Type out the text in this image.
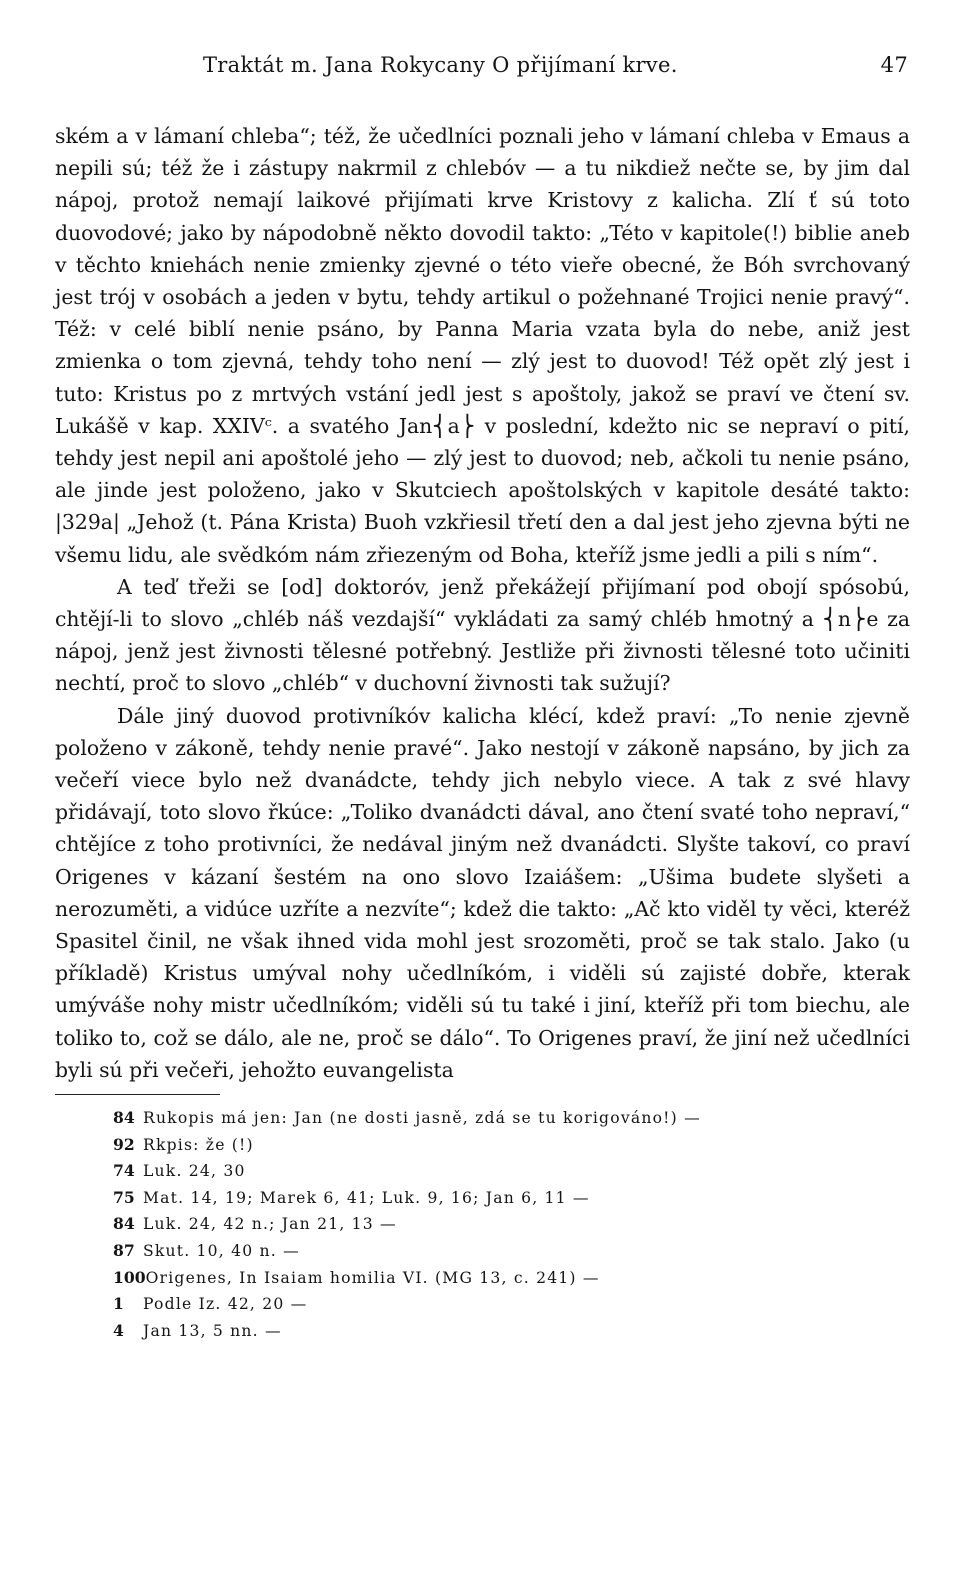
Traktát m. Jana Rokycany O přijímaní krve.	47

ském a v lámaní chleba“; též, že učedlníci poznali jeho v lámaní chleba v Emaus a nepili sú; též že i zástupy nakrmil z chlebóv — a tu nikdiež nečte se, by jim dal nápoj, protož nemají laikové přijímati krve Kristovy z kalicha. Zlí ť sú toto duovodové; jako by nápodobně někto dovodil takto: „Této v kapitole(!) biblie aneb v těchto kniehách nenie zmienky zjevné o této vieře obecné, že Bóh svrchovaný jest trój v osobách a jeden v bytu, tehdy artikul o požehnané Trojici nenie pravý“. Též: v celé biblí nenie psáno, by Panna Maria vzata byla do nebe, aniž jest zmienka o tom zjevná, tehdy toho není — zlý jest to duovod! Též opět zlý jest i tuto: Kristus po z mrtvých vstání jedl jest s apoštoly, jakož se praví ve čtení sv. Lukášě v kap. XXIVᶜ. a svatého Jan⎨a⎬ v poslední, kdežto nic se nepraví o pití, tehdy jest nepil ani apoštolé jeho — zlý jest to duovod; neb, ačkoli tu nenie psáno, ale jinde jest položeno, jako v Skutciech apoštolských v kapitole desáté takto: |329a| „Jehož (t. Pána Krista) Buoh vzkřiesil třetí den a dal jest jeho zjevna býti ne všemu lidu, ale svědkóm nám zřiezeným od Boha, kteříž jsme jedli a pili s ním“.

A teď třeži se [od] doktoróv, jenž překážejí přijímaní pod obojí spósobú, chtějí-li to slovo „chléb náš vezdajší“ vykládati za samý chléb hmotný a ⎨n⎬e za nápoj, jenž jest živnosti tělesné potřebný. Jestliže při živnosti tělesné toto učiniti nechtí, proč to slovo „chléb“ v duchovní živnosti tak sužují?

Dále jiný duovod protivníkóv kalicha klécí, kdež praví: „To nenie zjevně položeno v zákoně, tehdy nenie pravé“. Jako nestojí v zákoně napsáno, by jich za večeří viece bylo než dvanádcte, tehdy jich nebylo viece. A tak z své hlavy přidávají, toto slovo řkúce: „Toliko dvanádcti dával, ano čtení svaté toho nepraví,“ chtějíce z toho protivníci, že nedával jiným než dvanádcti. Slyšte takoví, co praví Origenes v kázaní šestém na ono slovo Izaiášem: „Ušima budete slyšeti a nerozuměti, a vidúce uzříte a nezvíte“; kdež die takto: „Ač kto viděl ty věci, kteréž Spasitel činil, ne však ihned vida mohl jest srozoměti, proč se tak stalo. Jako (u příkladě) Kristus umýval nohy učedlníkóm, i viděli sú zajisté dobře, kterak umýváše nohy mistr učedlníkóm; viděli sú tu také i jiní, kteříž při tom biechu, ale toliko to, což se dálo, ale ne, proč se dálo“. To Origenes praví, že jiní než učedlníci byli sú při večeři, jehožto euvangelista

84 Rukopis má jen: Jan (ne dosti jasně, zdá se tu korigováno!) —
92 Rkpis: že (!)
74 Luk. 24, 30
75 Mat. 14, 19; Marek 6, 41; Luk. 9, 16; Jan 6, 11 —
84 Luk. 24, 42 n.; Jan 21, 13 —
87 Skut. 10, 40 n. —
100Origenes, In Isaiam homilia VI. (MG 13, c. 241) —
1 Podle Iz. 42, 20 —
4 Jan 13, 5 nn. —
